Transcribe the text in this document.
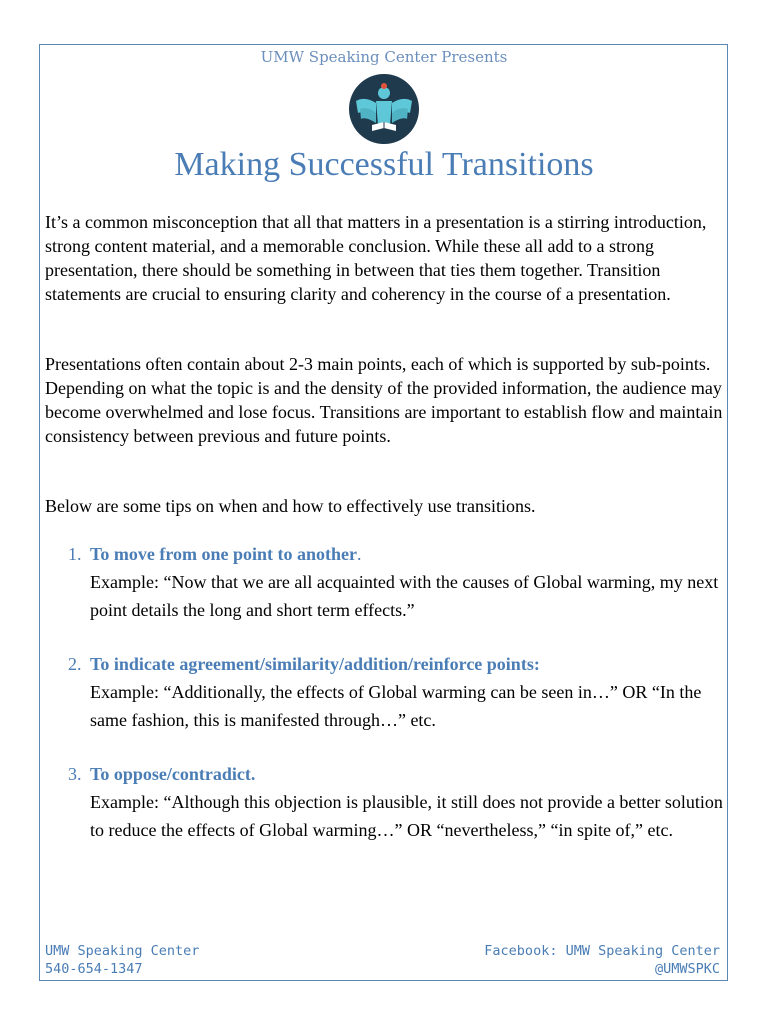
UMW Speaking Center Presents
Making Successful Transitions

It’s a common misconception that all that matters in a presentation is a stirring introduction, strong content material, and a memorable conclusion. While these all add to a strong presentation, there should be something in between that ties them together. Transition statements are crucial to ensuring clarity and coherency in the course of a presentation.

Presentations often contain about 2-3 main points, each of which is supported by sub-points. Depending on what the topic is and the density of the provided information, the audience may become overwhelmed and lose focus. Transitions are important to establish flow and maintain consistency between previous and future points.

Below are some tips on when and how to effectively use transitions.

1. To move from one point to another.
Example: “Now that we are all acquainted with the causes of Global warming, my next point details the long and short term effects.”
2. To indicate agreement/similarity/addition/reinforce points:
Example: “Additionally, the effects of Global warming can be seen in…” OR “In the same fashion, this is manifested through…” etc.
3. To oppose/contradict.
Example: “Although this objection is plausible, it still does not provide a better solution to reduce the effects of Global warming…” OR “nevertheless,” “in spite of,” etc.
UMW Speaking Center
540-654-1347
Facebook: UMW Speaking Center
@UMWSPKC
